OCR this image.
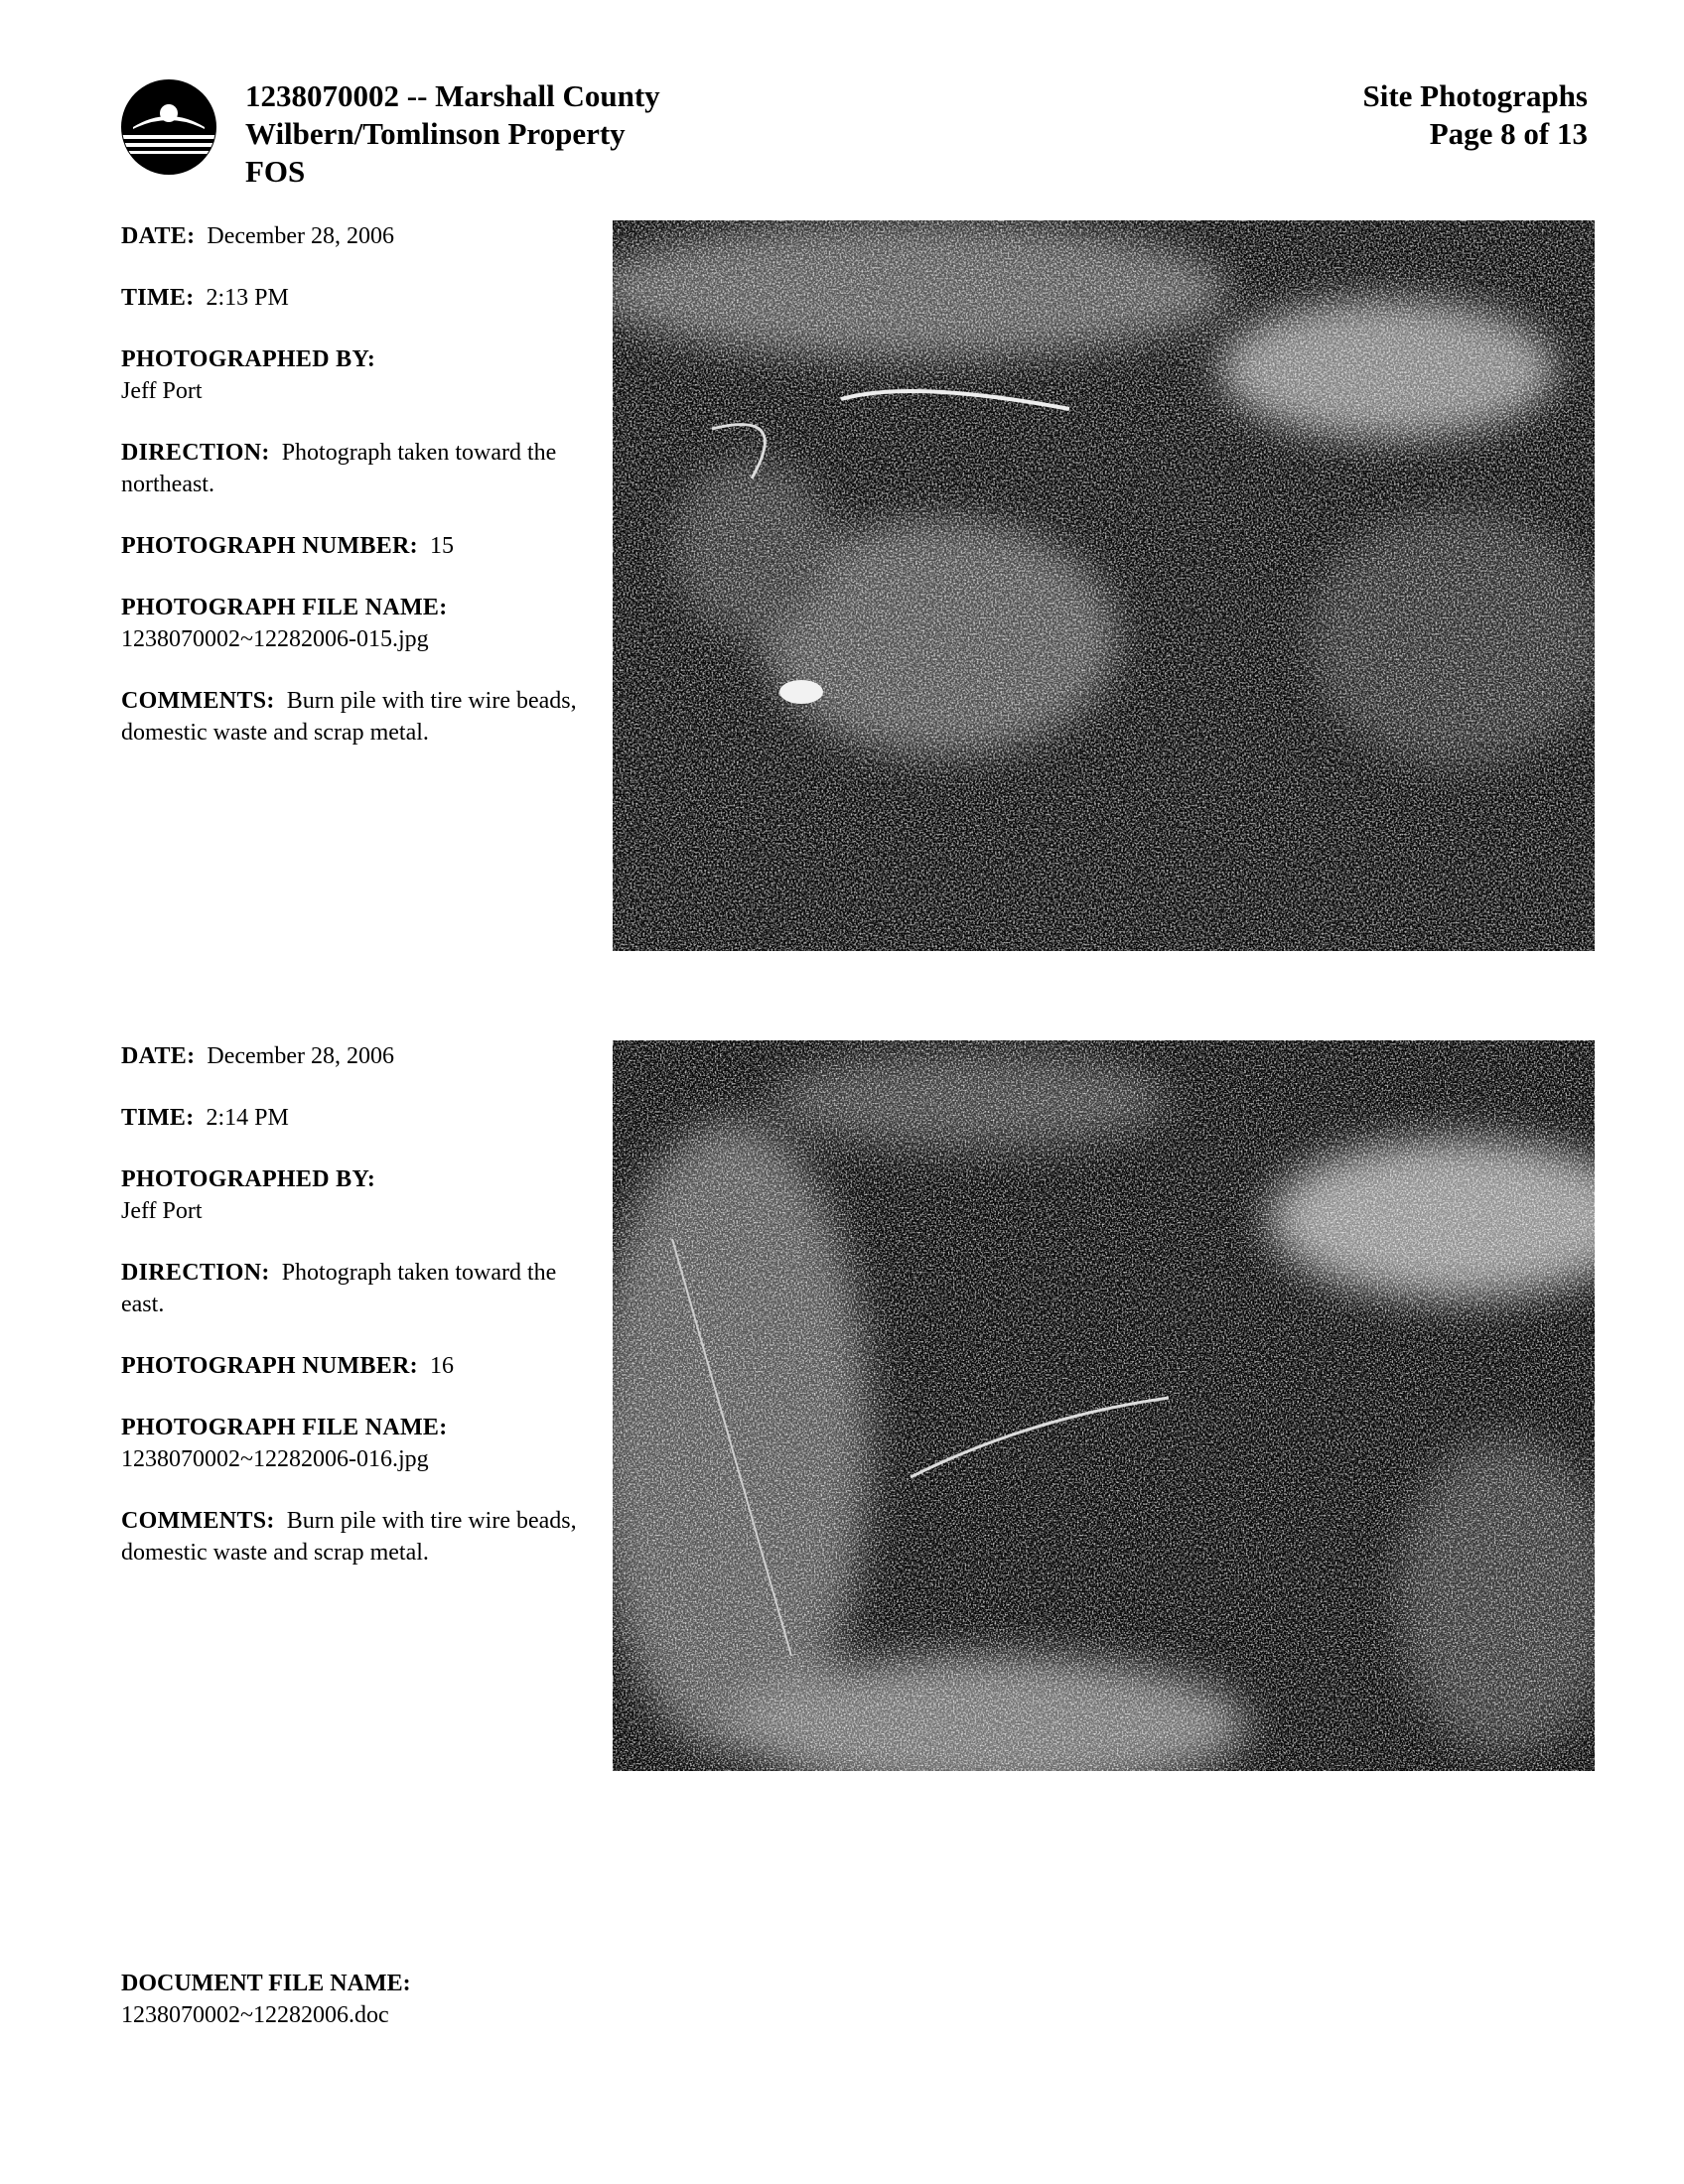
1238070002 -- Marshall County
Wilbern/Tomlinson Property
FOS
Site Photographs
Page 8 of 13
DATE: December 28, 2006
TIME: 2:13 PM
PHOTOGRAPHED BY:
Jeff Port
DIRECTION: Photograph taken toward the northeast.
PHOTOGRAPH NUMBER: 15
PHOTOGRAPH FILE NAME:
1238070002~12282006-015.jpg
COMMENTS: Burn pile with tire wire beads, domestic waste and scrap metal.
DATE: December 28, 2006
TIME: 2:14 PM
PHOTOGRAPHED BY:
Jeff Port
DIRECTION: Photograph taken toward the east.
PHOTOGRAPH NUMBER: 16
PHOTOGRAPH FILE NAME:
1238070002~12282006-016.jpg
COMMENTS: Burn pile with tire wire beads, domestic waste and scrap metal.
DOCUMENT FILE NAME:
1238070002~12282006.doc
